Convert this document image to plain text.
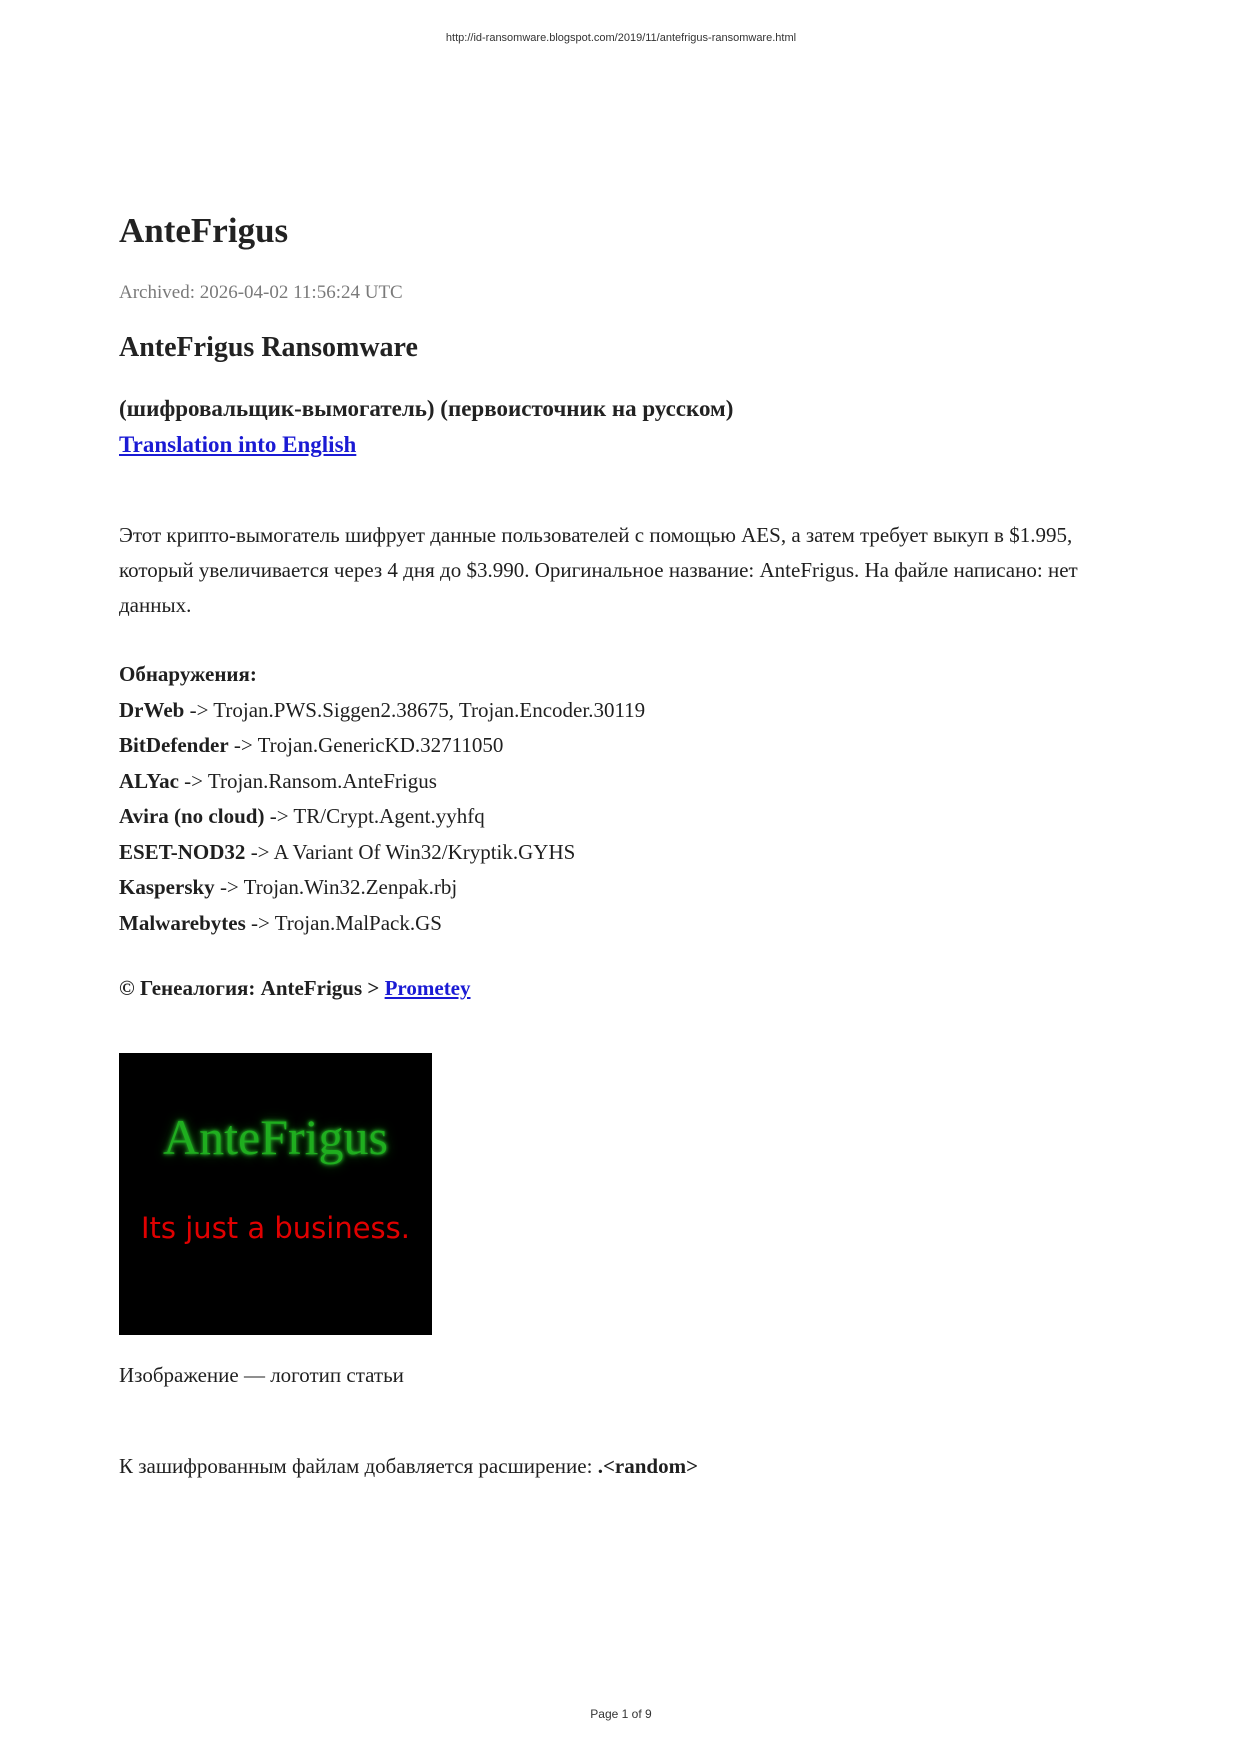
http://id-ransomware.blogspot.com/2019/11/antefrigus-ransomware.html
AnteFrigus
Archived: 2026-04-02 11:56:24 UTC
AnteFrigus Ransomware
(шифровальщик-вымогатель) (первоисточник на русском)
Translation into English
Этот крипто-вымогатель шифрует данные пользователей с помощью AES, а затем требует выкуп в $1.995, который увеличивается через 4 дня до $3.990. Оригинальное название: AnteFrigus. На файле написано: нет данных.
Обнаружения:
DrWeb -> Trojan.PWS.Siggen2.38675, Trojan.Encoder.30119
BitDefender -> Trojan.GenericKD.32711050
ALYac -> Trojan.Ransom.AnteFrigus
Avira (no cloud) -> TR/Crypt.Agent.yyhfq
ESET-NOD32 -> A Variant Of Win32/Kryptik.GYHS
Kaspersky -> Trojan.Win32.Zenpak.rbj
Malwarebytes -> Trojan.MalPack.GS
© Генеалогия: AnteFrigus > Prometey
AnteFrigus
Its just a business.
Изображение — логотип статьи
К зашифрованным файлам добавляется расширение: .<random>
Page 1 of 9
